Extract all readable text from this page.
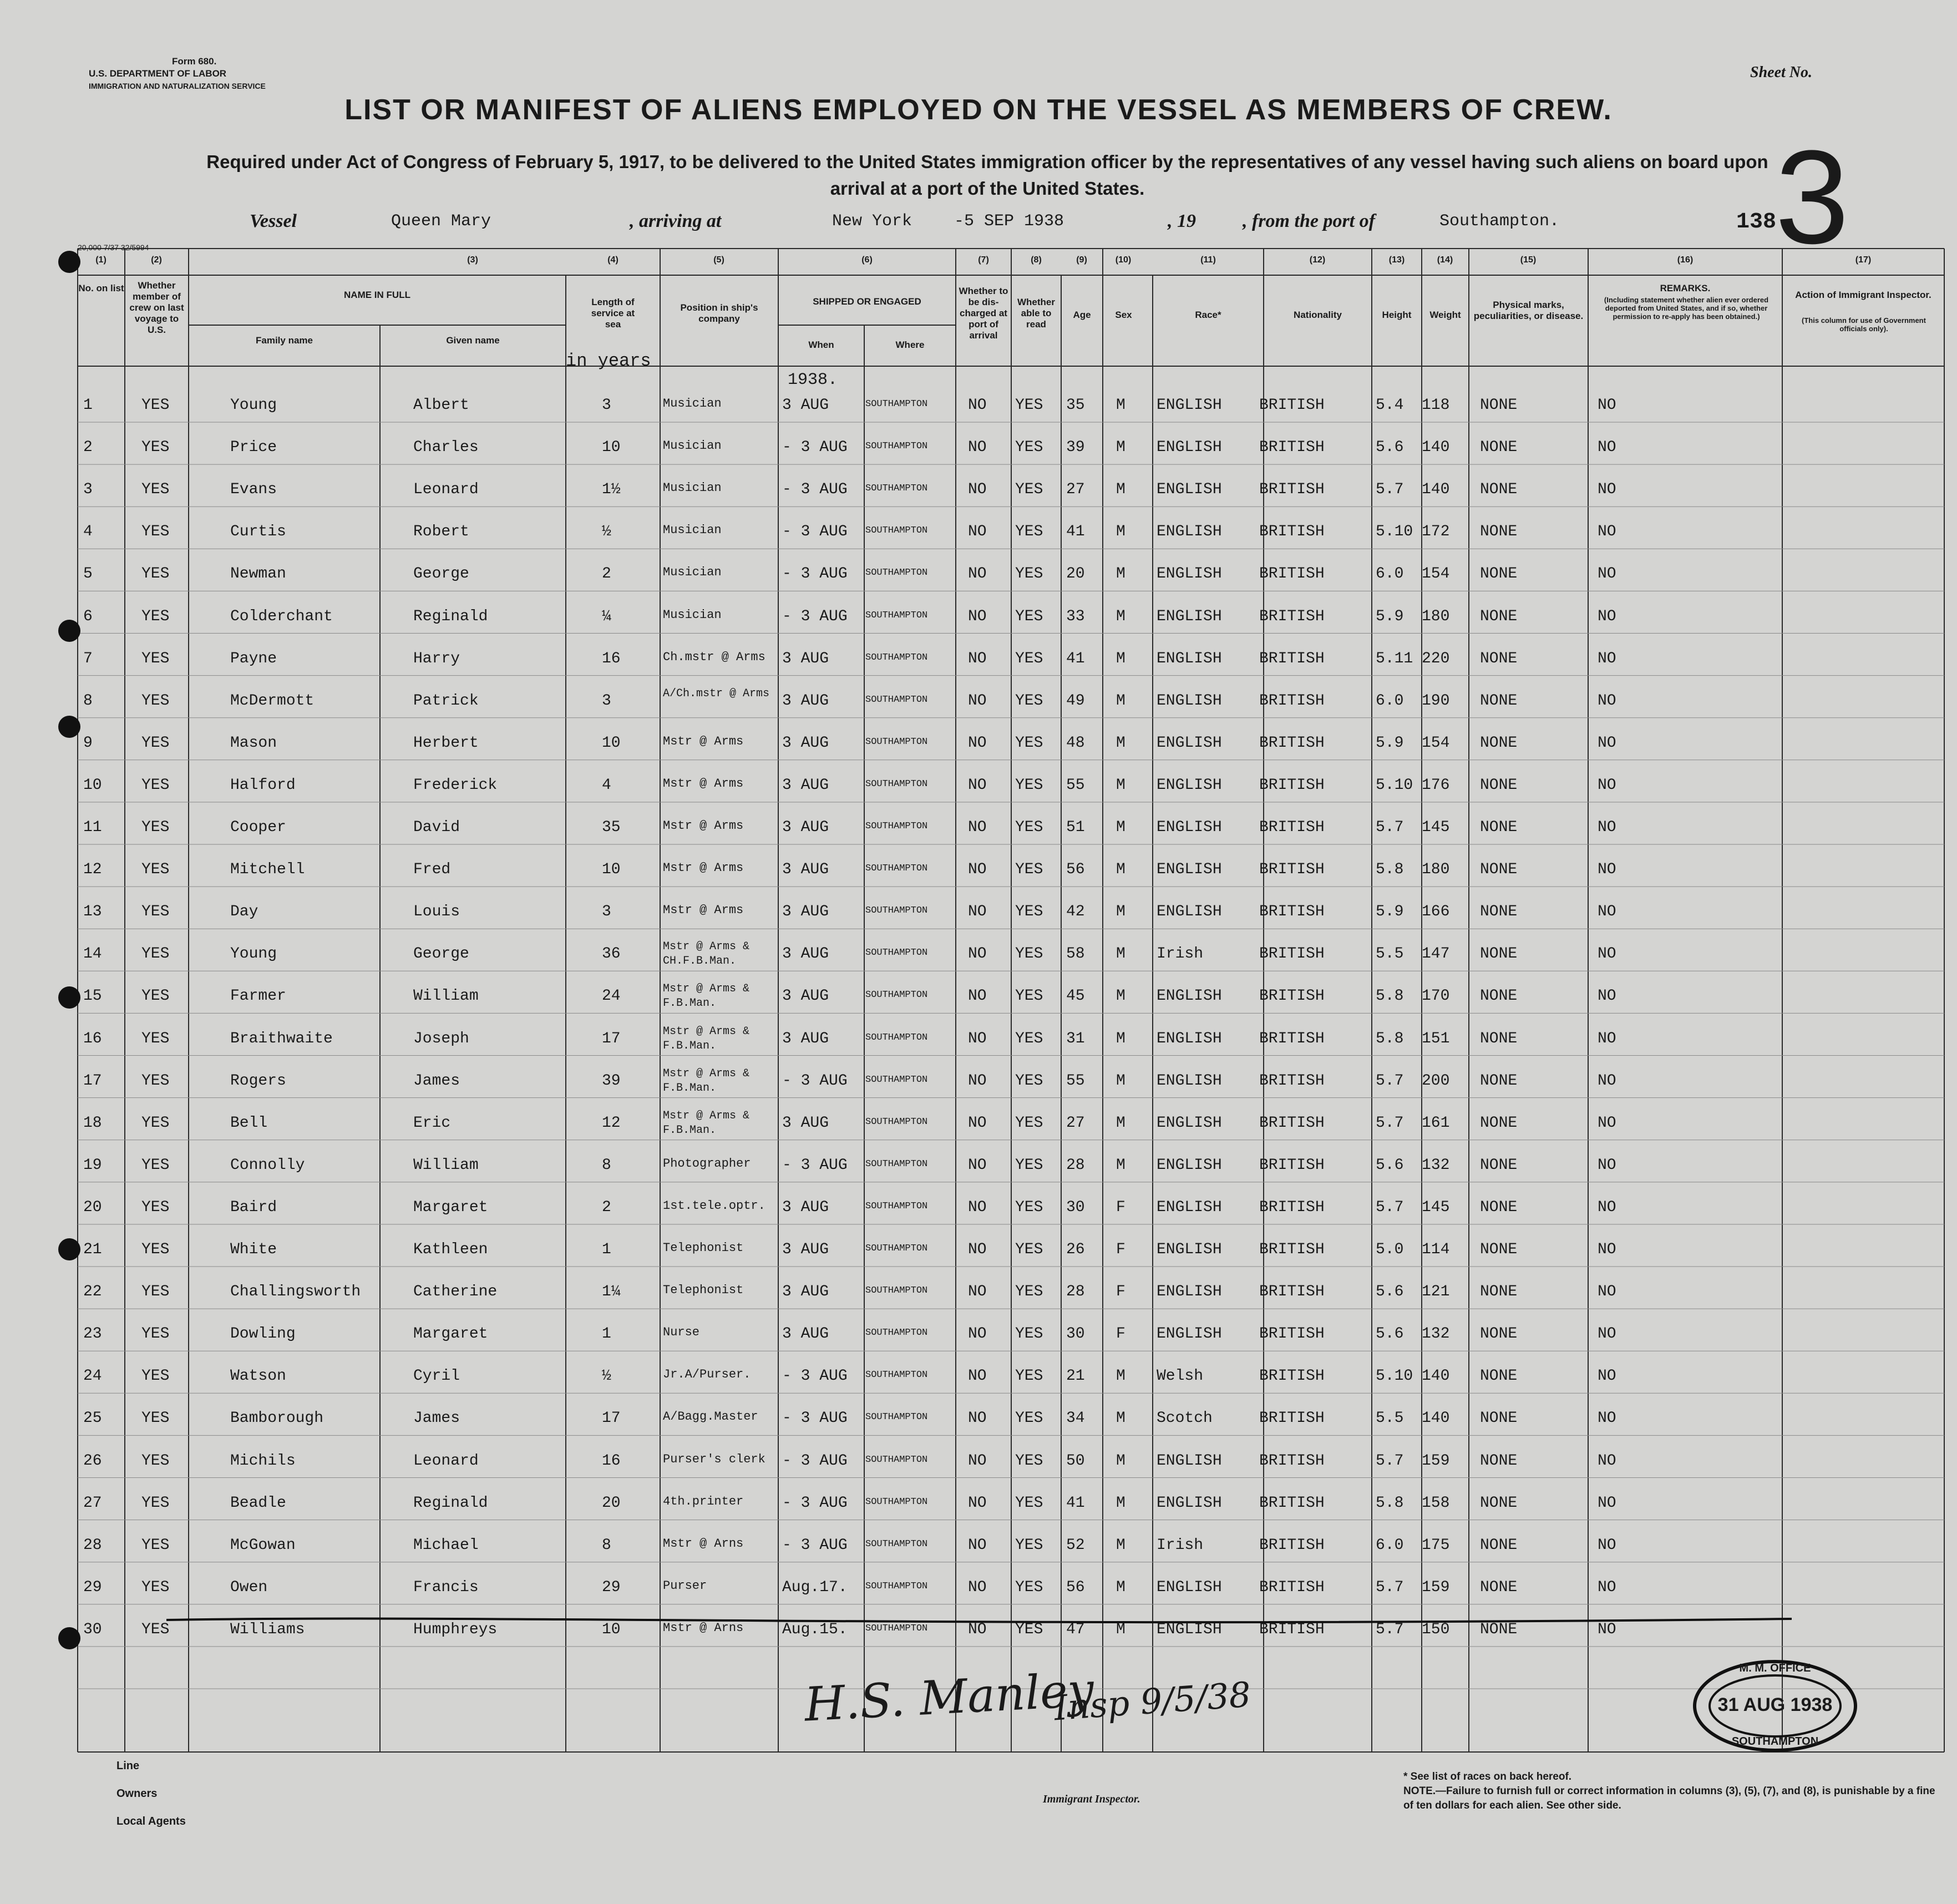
Form 680.
U.S. DEPARTMENT OF LABOR
IMMIGRATION AND NATURALIZATION SERVICE
Sheet No.
3
LIST OR MANIFEST OF ALIENS EMPLOYED ON THE VESSEL AS MEMBERS OF CREW.
Required under Act of Congress of February 5, 1917, to be delivered to the United States immigration officer by the representatives of any vessel having such aliens on board upon arrival at a port of the United States.
Vessel	Queen Mary	, arriving at	New York	-5 SEP 1938	, 19 , from the port of	Southampton.	138
20,000 7/37 32/5994
(1)	(2)	(3)	(4)	(5)	(6)	(7)	(8)	(9)	(10)	(11)	(12)	(13)	(14)	(15)	(16)	(17)
No. on list	Whether member of crew on last voyage to U.S.
NAME IN FULL
Family name	Given name
Length of service at sea
in years
Position in ship's company
SHIPPED OR ENGAGED
When	Where
Whether to be dis-charged at port of arrival
Whether able to read
Age	Sex	Race*	Nationality	Height	Weight
Physical marks, peculiarities, or disease.
REMARKS.
(Including statement whether alien ever ordered deported from United States, and if so, whether permission to re-apply has been obtained.)
Action of Immigrant Inspector.
(This column for use of Government officials only).
1938.
1	YES	Young	Albert	3	Musician	3 AUG	SOUTHAMPTON	NO	YES	35	M	ENGLISH	BRITISH	5.4	118	NONE	NO
2	YES	Price	Charles	10	Musician	- 3 AUG	SOUTHAMPTON	NO	YES	39	M	ENGLISH	BRITISH	5.6	140	NONE	NO
3	YES	Evans	Leonard	1½	Musician	- 3 AUG	SOUTHAMPTON	NO	YES	27	M	ENGLISH	BRITISH	5.7	140	NONE	NO
4	YES	Curtis	Robert	½	Musician	- 3 AUG	SOUTHAMPTON	NO	YES	41	M	ENGLISH	BRITISH	5.10 172	NONE	NO
5	YES	Newman	George	2	Musician	- 3 AUG	SOUTHAMPTON	NO	YES	20	M	ENGLISH	BRITISH	6.0	154	NONE	NO
6	YES	Colderchant	Reginald	¼	Musician	- 3 AUG	SOUTHAMPTON	NO	YES	33	M	ENGLISH	BRITISH	5.9	180	NONE	NO
7	YES	Payne	Harry	16	Ch.mstr @ Arms	3 AUG	SOUTHAMPTON	NO	YES	41	M	ENGLISH	BRITISH	5.11 220	NONE	NO
8	YES	McDermott	Patrick	3	A/Ch.mstr @ Arms 3 AUG	SOUTHAMPTON	NO	YES	49	M	ENGLISH	BRITISH	6.0	190	NONE	NO
9	YES	Mason	Herbert	10	Mstr @ Arms	3 AUG	SOUTHAMPTON	NO	YES	48	M	ENGLISH	BRITISH	5.9	154	NONE	NO
10	YES	Halford	Frederick	4	Mstr @ Arms	3 AUG	SOUTHAMPTON	NO	YES	55	M	ENGLISH	BRITISH	5.10 176	NONE	NO
11	YES	Cooper	David	35	Mstr @ Arms	3 AUG	SOUTHAMPTON	NO	YES	51	M	ENGLISH	BRITISH	5.7	145	NONE	NO
12	YES	Mitchell	Fred	10	Mstr @ Arms	3 AUG	SOUTHAMPTON	NO	YES	56	M	ENGLISH	BRITISH	5.8	180	NONE	NO
13	YES	Day	Louis	3	Mstr @ Arms	3 AUG	SOUTHAMPTON	NO	YES	42	M	ENGLISH	BRITISH	5.9	166	NONE	NO
14	YES	Young	George	36	Mstr @ Arms & CH.F.B.Man.	3 AUG	SOUTHAMPTON	NO	YES	58	M	Irish	BRITISH	5.5	147	NONE	NO
15	YES	Farmer	William	24	Mstr @ Arms & F.B.Man.	3 AUG	SOUTHAMPTON	NO	YES	45	M	ENGLISH	BRITISH	5.8	170	NONE	NO
16	YES	Braithwaite	Joseph	17	Mstr @ Arms & F.B.Man.	3 AUG	SOUTHAMPTON	NO	YES	31	M	ENGLISH	BRITISH	5.8	151	NONE	NO
17	YES	Rogers	James	39	Mstr @ Arms & F.B.Man.	- 3 AUG	SOUTHAMPTON	NO	YES	55	M	ENGLISH	BRITISH	5.7	200	NONE	NO
18	YES	Bell	Eric	12	Mstr @ Arms & F.B.Man.	3 AUG	SOUTHAMPTON	NO	YES	27	M	ENGLISH	BRITISH	5.7	161	NONE	NO
19	YES	Connolly	William	8	Photographer	- 3 AUG	SOUTHAMPTON	NO	YES	28	M	ENGLISH	BRITISH	5.6	132	NONE	NO
20	YES	Baird	Margaret	2	1st.tele.optr.	3 AUG	SOUTHAMPTON	NO	YES	30	F	ENGLISH	BRITISH	5.7	145	NONE	NO
21	YES	White	Kathleen	1	Telephonist	3 AUG	SOUTHAMPTON	NO	YES	26	F	ENGLISH	BRITISH	5.0	114	NONE	NO
22	YES	Challingsworth	Catherine	1¼	Telephonist	3 AUG	SOUTHAMPTON	NO	YES	28	F	ENGLISH	BRITISH	5.6	121	NONE	NO
23	YES	Dowling	Margaret	1	Nurse	3 AUG	SOUTHAMPTON	NO	YES	30	F	ENGLISH	BRITISH	5.6	132	NONE	NO
24	YES	Watson	Cyril	½	Jr.A/Purser.	- 3 AUG	SOUTHAMPTON	NO	YES	21	M	Welsh	BRITISH	5.10 140	NONE	NO
25	YES	Bamborough	James	17	A/Bagg.Master	- 3 AUG	SOUTHAMPTON	NO	YES	34	M	Scotch	BRITISH	5.5	140	NONE	NO
26	YES	Michils	Leonard	16	Purser's clerk	- 3 AUG	SOUTHAMPTON	NO	YES	50	M	ENGLISH	BRITISH	5.7	159	NONE	NO
27	YES	Beadle	Reginald	20	4th.printer	- 3 AUG	SOUTHAMPTON	NO	YES	41	M	ENGLISH	BRITISH	5.8	158	NONE	NO
28	YES	McGowan	Michael	8	Mstr @ Arns	- 3 AUG	SOUTHAMPTON	NO	YES	52	M	Irish	BRITISH	6.0	175	NONE	NO
29	YES	Owen	Francis	29	Purser	Aug.17.	SOUTHAMPTON	NO	YES	56	M	ENGLISH	BRITISH	5.7	159	NONE	NO
30	YES	Williams	Humphreys	10	Mstr @ Arns	Aug.15.	SOUTHAMPTON	NO	YES	47	M	ENGLISH	BRITISH	5.7	150	NONE	NO
Line
Owners
Local Agents
Immigrant Inspector.
H.S. Manley
Insp 9/5/38
* See list of races on back hereof.
NOTE.—Failure to furnish full or correct information in columns (3), (5), (7), and (8), is punishable by a fine of ten dollars for each alien. See other side.
M. M. OFFICE
31 AUG 1938
SOUTHAMPTON
